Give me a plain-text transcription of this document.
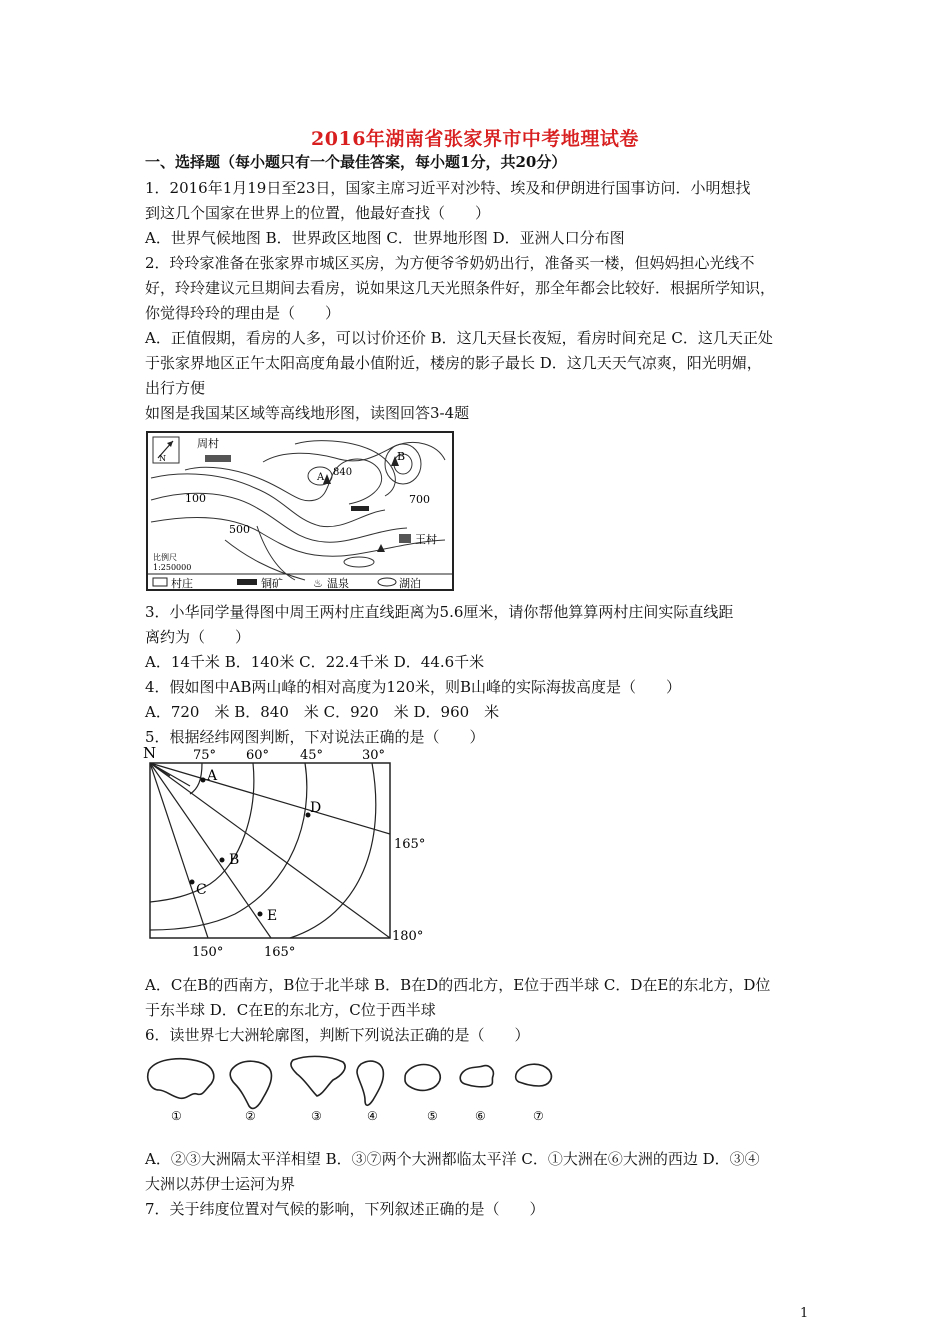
2016年湖南省张家界市中考地理试卷
一、选择题（每小题只有一个最佳答案，每小题1分，共20分）
1．2016年1月19日至23日，国家主席习近平对沙特、埃及和伊朗进行国事访问．小明想找
到这几个国家在世界上的位置，他最好查找（　　）
A．世界气候地图 B．世界政区地图 C．世界地形图 D．亚洲人口分布图
2．玲玲家准备在张家界市城区买房，为方便爷爷奶奶出行，准备买一楼，但妈妈担心光线不
好，玲玲建议元旦期间去看房，说如果这几天光照条件好，那全年都会比较好．根据所学知识，
你觉得玲玲的理由是（　　）
A．正值假期，看房的人多，可以讨价还价 B．这几天昼长夜短，看房时间充足 C．这几天正处
于张家界地区正午太阳高度角最小值附近，楼房的影子最长 D．这几天天气凉爽，阳光明媚，
出行方便
如图是我国某区域等高线地形图，读图回答3-4题
N
周村
100
500
700
840
A
B
王村
比例尺
1:250000
村庄	铜矿	♨ 温泉	湖泊
3．小华同学量得图中周王两村庄直线距离为5.6厘米，请你帮他算算两村庄间实际直线距
离约为（　　）
A．14千米 B．140米 C．22.4千米 D．44.6千米
4．假如图中AB两山峰的相对高度为120米，则B山峰的实际海拔高度是（　　）
A．720　米 B．840　米 C．920　米 D．960　米
5．根据经纬网图判断，下对说法正确的是（　　）
N	75° 60° 45°	30°
A
B
C
D
E
165°
180°
150°	165°
A．C在B的西南方，B位于北半球 B．B在D的西北方，E位于西半球 C．D在E的东北方，D位
于东半球 D．C在E的东北方，C位于西半球
6．读世界七大洲轮廓图，判断下列说法正确的是（　　）
①	②	③	④	⑤	⑥	⑦
A．②③大洲隔太平洋相望 B．③⑦两个大洲都临太平洋 C．①大洲在⑥大洲的西边 D．③④
大洲以苏伊士运河为界
7．关于纬度位置对气候的影响，下列叙述正确的是（　　）
1
